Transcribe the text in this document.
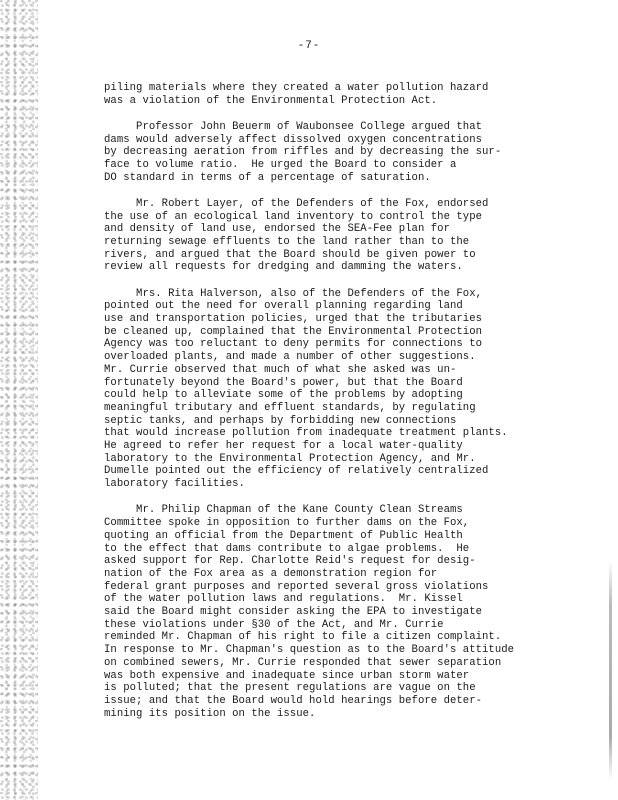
-7-

piling materials where they created a water pollution hazard
was a violation of the Environmental Protection Act.

Professor John Beuerm of Waubonsee College argued that
dams would adversely affect dissolved oxygen concentrations
by decreasing aeration from riffles and by decreasing the sur-
face to volume ratio.  He urged the Board to consider a
DO standard in terms of a percentage of saturation.

Mr. Robert Layer, of the Defenders of the Fox, endorsed
the use of an ecological land inventory to control the type
and density of land use, endorsed the SEA-Fee plan for
returning sewage effluents to the land rather than to the
rivers, and argued that the Board should be given power to
review all requests for dredging and damming the waters.

Mrs. Rita Halverson, also of the Defenders of the Fox,
pointed out the need for overall planning regarding land
use and transportation policies, urged that the tributaries
be cleaned up, complained that the Environmental Protection
Agency was too reluctant to deny permits for connections to
overloaded plants, and made a number of other suggestions.
Mr. Currie observed that much of what she asked was un-
fortunately beyond the Board's power, but that the Board
could help to alleviate some of the problems by adopting
meaningful tributary and effluent standards, by regulating
septic tanks, and perhaps by forbidding new connections
that would increase pollution from inadequate treatment plants.
He agreed to refer her request for a local water-quality
laboratory to the Environmental Protection Agency, and Mr.
Dumelle pointed out the efficiency of relatively centralized
laboratory facilities.

Mr. Philip Chapman of the Kane County Clean Streams
Committee spoke in opposition to further dams on the Fox,
quoting an official from the Department of Public Health
to the effect that dams contribute to algae problems.  He
asked support for Rep. Charlotte Reid's request for desig-
nation of the Fox area as a demonstration region for
federal grant purposes and reported several gross violations
of the water pollution laws and regulations.  Mr. Kissel
said the Board might consider asking the EPA to investigate
these violations under §30 of the Act, and Mr. Currie
reminded Mr. Chapman of his right to file a citizen complaint.
In response to Mr. Chapman's question as to the Board's attitude
on combined sewers, Mr. Currie responded that sewer separation
was both expensive and inadequate since urban storm water
is polluted; that the present regulations are vague on the
issue; and that the Board would hold hearings before deter-
mining its position on the issue.
